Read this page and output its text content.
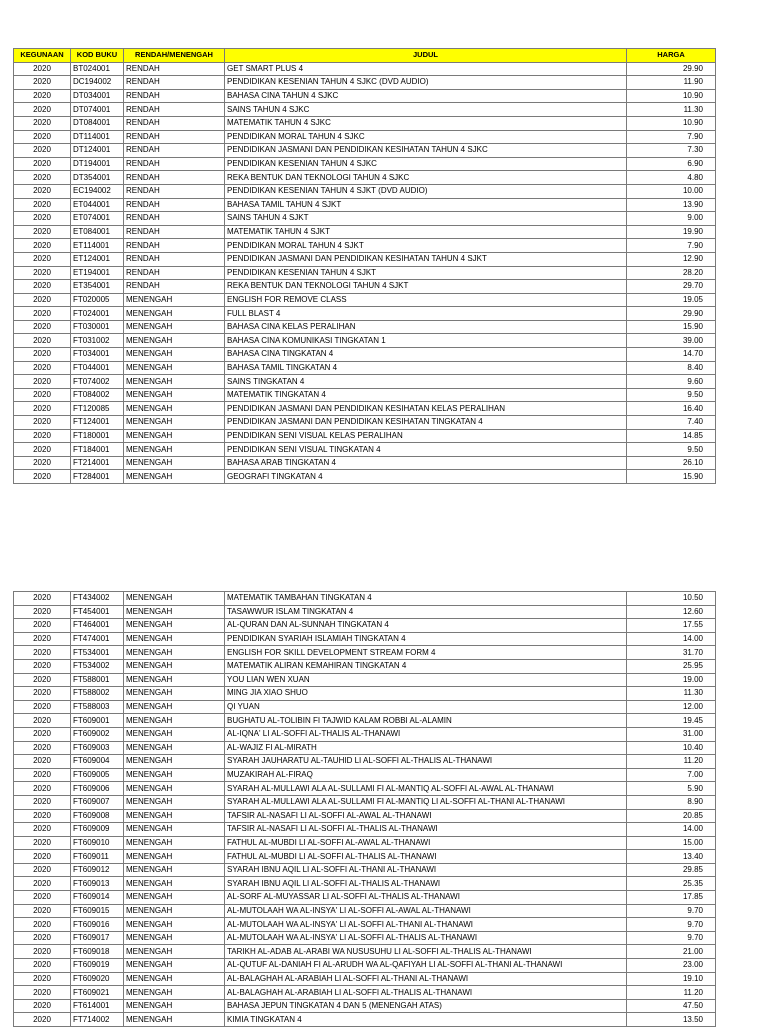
KEGUNAAN	KOD BUKU	RENDAH/MENENGAH	JUDUL	HARGA
2020	BT024001	RENDAH	GET SMART PLUS 4	29.90
2020	DC194002	RENDAH	PENDIDIKAN KESENIAN TAHUN 4 SJKC (DVD AUDIO)	11.90
2020	DT034001	RENDAH	BAHASA CINA TAHUN 4 SJKC	10.90
2020	DT074001	RENDAH	SAINS TAHUN 4 SJKC	11.30
2020	DT084001	RENDAH	MATEMATIK TAHUN 4 SJKC	10.90
2020	DT114001	RENDAH	PENDIDIKAN MORAL TAHUN 4 SJKC	7.90
2020	DT124001	RENDAH	PENDIDIKAN JASMANI DAN PENDIDIKAN KESIHATAN TAHUN 4 SJKC	7.30
2020	DT194001	RENDAH	PENDIDIKAN KESENIAN TAHUN 4 SJKC	6.90
2020	DT354001	RENDAH	REKA BENTUK DAN TEKNOLOGI TAHUN 4 SJKC	4.80
2020	EC194002	RENDAH	PENDIDIKAN KESENIAN TAHUN 4 SJKT (DVD AUDIO)	10.00
2020	ET044001	RENDAH	BAHASA TAMIL TAHUN 4 SJKT	13.90
2020	ET074001	RENDAH	SAINS TAHUN 4 SJKT	9.00
2020	ET084001	RENDAH	MATEMATIK TAHUN 4 SJKT	19.90
2020	ET114001	RENDAH	PENDIDIKAN MORAL TAHUN 4 SJKT	7.90
2020	ET124001	RENDAH	PENDIDIKAN JASMANI DAN PENDIDIKAN KESIHATAN TAHUN 4 SJKT	12.90
2020	ET194001	RENDAH	PENDIDIKAN KESENIAN TAHUN 4 SJKT	28.20
2020	ET354001	RENDAH	REKA BENTUK DAN TEKNOLOGI TAHUN 4 SJKT	29.70
2020	FT020005	MENENGAH	ENGLISH FOR REMOVE CLASS	19.05
2020	FT024001	MENENGAH	FULL BLAST 4	29.90
2020	FT030001	MENENGAH	BAHASA CINA KELAS PERALIHAN	15.90
2020	FT031002	MENENGAH	BAHASA CINA KOMUNIKASI TINGKATAN 1	39.00
2020	FT034001	MENENGAH	BAHASA CINA TINGKATAN 4	14.70
2020	FT044001	MENENGAH	BAHASA TAMIL TINGKATAN 4	8.40
2020	FT074002	MENENGAH	SAINS TINGKATAN 4	9.60
2020	FT084002	MENENGAH	MATEMATIK TINGKATAN 4	9.50
2020	FT120085	MENENGAH	PENDIDIKAN JASMANI DAN PENDIDIKAN KESIHATAN KELAS PERALIHAN	16.40
2020	FT124001	MENENGAH	PENDIDIKAN JASMANI DAN PENDIDIKAN KESIHATAN TINGKATAN 4	7.40
2020	FT180001	MENENGAH	PENDIDIKAN SENI VISUAL KELAS PERALIHAN	14.85
2020	FT184001	MENENGAH	PENDIDIKAN SENI VISUAL TINGKATAN 4	9.50
2020	FT214001	MENENGAH	BAHASA ARAB TINGKATAN 4	26.10
2020	FT284001	MENENGAH	GEOGRAFI TINGKATAN 4	15.90
2020	FT434002	MENENGAH	MATEMATIK TAMBAHAN TINGKATAN 4	10.50
2020	FT454001	MENENGAH	TASAWWUR ISLAM TINGKATAN 4	12.60
2020	FT464001	MENENGAH	AL-QURAN DAN AL-SUNNAH TINGKATAN 4	17.55
2020	FT474001	MENENGAH	PENDIDIKAN SYARIAH ISLAMIAH TINGKATAN 4	14.00
2020	FT534001	MENENGAH	ENGLISH FOR SKILL DEVELOPMENT STREAM FORM 4	31.70
2020	FT534002	MENENGAH	MATEMATIK ALIRAN KEMAHIRAN TINGKATAN 4	25.95
2020	FT588001	MENENGAH	YOU LIAN WEN XUAN	19.00
2020	FT588002	MENENGAH	MING JIA XIAO SHUO	11.30
2020	FT588003	MENENGAH	QI YUAN	12.00
2020	FT609001	MENENGAH	BUGHATU AL-TOLIBIN FI TAJWID KALAM ROBBI AL-ALAMIN	19.45
2020	FT609002	MENENGAH	AL-IQNA' LI AL-SOFFI AL-THALIS AL-THANAWI	31.00
2020	FT609003	MENENGAH	AL-WAJIZ FI AL-MIRATH	10.40
2020	FT609004	MENENGAH	SYARAH JAUHARATU AL-TAUHID LI AL-SOFFI AL-THALIS AL-THANAWI	11.20
2020	FT609005	MENENGAH	MUZAKIRAH AL-FIRAQ	7.00
2020	FT609006	MENENGAH	SYARAH AL-MULLAWI ALA AL-SULLAMI FI AL-MANTIQ AL-SOFFI AL-AWAL AL-THANAWI	5.90
2020	FT609007	MENENGAH	SYARAH AL-MULLAWI ALA AL-SULLAMI FI AL-MANTIQ LI AL-SOFFI AL-THANI AL-THANAWI	8.90
2020	FT609008	MENENGAH	TAFSIR AL-NASAFI LI AL-SOFFI AL-AWAL AL-THANAWI	20.85
2020	FT609009	MENENGAH	TAFSIR AL-NASAFI LI AL-SOFFI AL-THALIS AL-THANAWI	14.00
2020	FT609010	MENENGAH	FATHUL AL-MUBDI LI AL-SOFFI AL-AWAL AL-THANAWI	15.00
2020	FT609011	MENENGAH	FATHUL AL-MUBDI LI AL-SOFFI AL-THALIS AL-THANAWI	13.40
2020	FT609012	MENENGAH	SYARAH IBNU AQIL LI AL-SOFFI AL-THANI AL-THANAWI	29.85
2020	FT609013	MENENGAH	SYARAH IBNU AQIL LI AL-SOFFI AL-THALIS AL-THANAWI	25.35
2020	FT609014	MENENGAH	AL-SORF AL-MUYASSAR LI AL-SOFFI AL-THALIS AL-THANAWI	17.85
2020	FT609015	MENENGAH	AL-MUTOLAAH WA AL-INSYA' LI AL-SOFFI AL-AWAL AL-THANAWI	9.70
2020	FT609016	MENENGAH	AL-MUTOLAAH WA AL-INSYA' LI AL-SOFFI AL-THANI AL-THANAWI	9.70
2020	FT609017	MENENGAH	AL-MUTOLAAH WA AL-INSYA' LI AL-SOFFI AL-THALIS AL-THANAWI	9.70
2020	FT609018	MENENGAH	TARIKH AL-ADAB AL-ARABI WA NUSUSUHU LI AL-SOFFI AL-THALIS AL-THANAWI	21.00
2020	FT609019	MENENGAH	AL-QUTUF AL-DANIAH FI AL-ARUDH WA AL-QAFIYAH LI AL-SOFFI AL-THANI AL-THANAWI	23.00
2020	FT609020	MENENGAH	AL-BALAGHAH AL-ARABIAH LI AL-SOFFI AL-THANI AL-THANAWI	19.10
2020	FT609021	MENENGAH	AL-BALAGHAH AL-ARABIAH LI AL-SOFFI AL-THALIS AL-THANAWI	11.20
2020	FT614001	MENENGAH	BAHASA JEPUN TINGKATAN 4 DAN 5 (MENENGAH ATAS)	47.50
2020	FT714002	MENENGAH	KIMIA TINGKATAN 4	13.50
